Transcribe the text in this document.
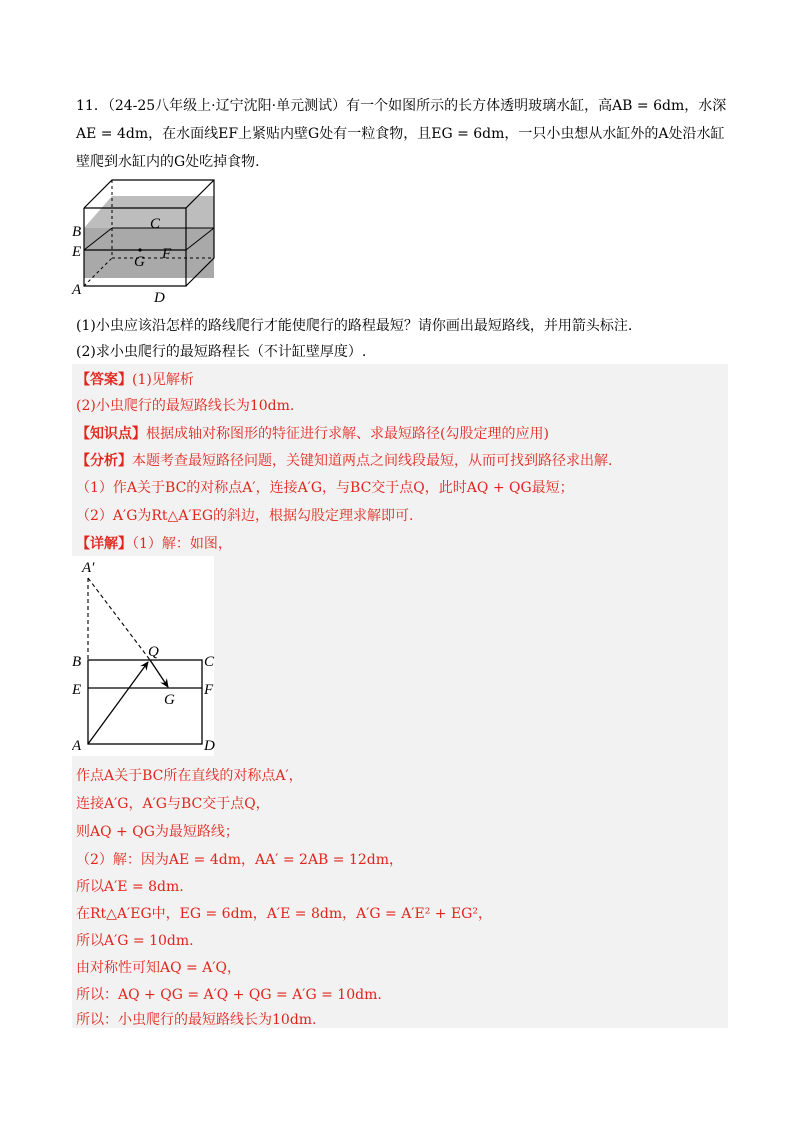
11．（24-25八年级上·辽宁沈阳·单元测试）有一个如图所示的长方体透明玻璃水缸，高AB = 6dm，水深
AE = 4dm，在水面线EF上紧贴内壁G处有一粒食物，且EG = 6dm，一只小虫想从水缸外的A处沿水缸
壁爬到水缸内的G处吃掉食物.
B	C
E
G F
A	D
(1)小虫应该沿怎样的路线爬行才能使爬行的路程最短？请你画出最短路线，并用箭头标注.
(2)求小虫爬行的最短路程长（不计缸壁厚度）.
【答案】(1)见解析
(2)小虫爬行的最短路线长为10dm.
【知识点】根据成轴对称图形的特征进行求解、求最短路径(勾股定理的应用)
【分析】本题考查最短路径问题，关键知道两点之间线段最短，从而可找到路径求出解.
（1）作A关于BC的对称点A′，连接A′G，与BC交于点Q，此时AQ + QG最短；
（2）A′G为Rt△A′EG的斜边，根据勾股定理求解即可.
【详解】（1）解：如图，
A′
Q
B	C
E	F
G
A	D
作点A关于BC所在直线的对称点A′，
连接A′G，A′G与BC交于点Q，
则AQ + QG为最短路线；
（2）解：因为AE = 4dm，AA′ = 2AB = 12dm，
所以A′E = 8dm.
在Rt△A′EG中，EG = 6dm，A′E = 8dm，A′G = A′E² + EG²，
所以A′G = 10dm.
由对称性可知AQ = A′Q，
所以：AQ + QG = A′Q + QG = A′G = 10dm.
所以：小虫爬行的最短路线长为10dm.
